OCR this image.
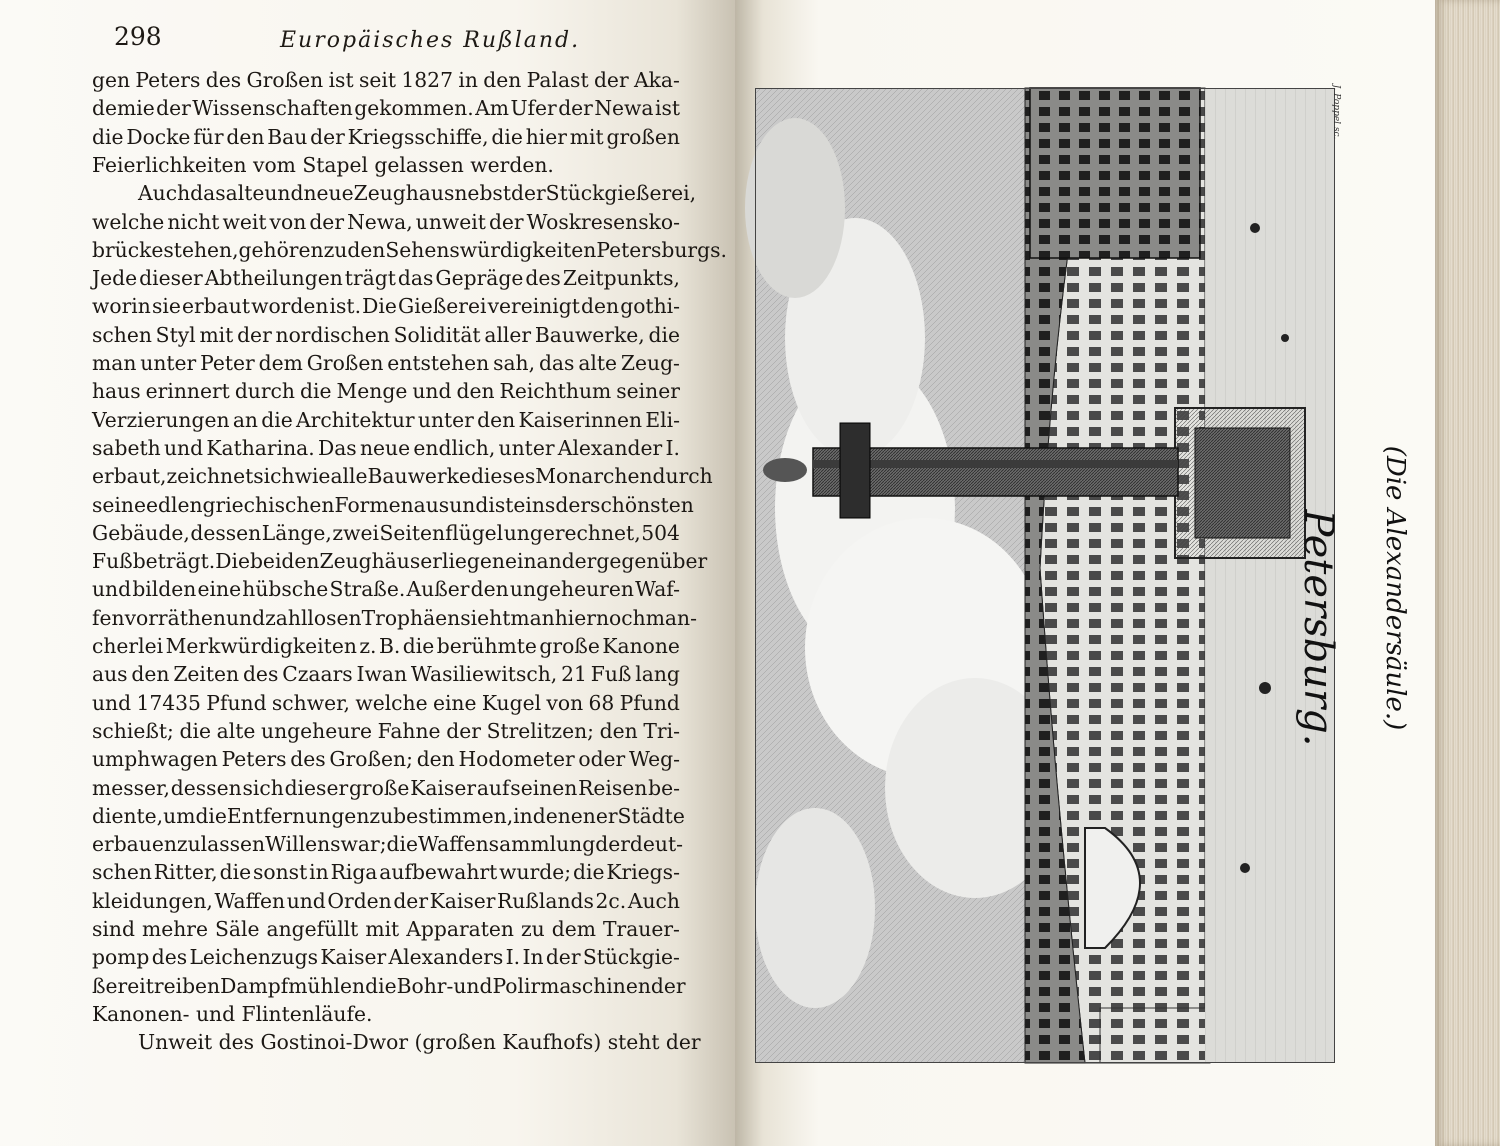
298	Europäisches Rußland.
gen Peters des Großen ist seit 1827 in den Palast der Aka-
demie der Wissenschaften gekommen. Am Ufer der Newa ist
die Docke für den Bau der Kriegsschiffe, die hier mit großen
Feierlichkeiten vom Stapel gelassen werden.
Auch das alte und neue Zeughaus nebst der Stückgießerei,
welche nicht weit von der Newa, unweit der Woskresensko-
brücke stehen, gehören zu den Sehenswürdigkeiten Petersburgs.
Jede dieser Abtheilungen trägt das Gepräge des Zeitpunkts,
worin sie erbaut worden ist. Die Gießerei vereinigt den gothi-
schen Styl mit der nordischen Solidität aller Bauwerke, die
man unter Peter dem Großen entstehen sah, das alte Zeug-
haus erinnert durch die Menge und den Reichthum seiner
Verzierungen an die Architektur unter den Kaiserinnen Eli-
sabeth und Katharina. Das neue endlich, unter Alexander I.
erbaut, zeichnet sich wie alle Bauwerke dieses Monarchen durch
seine edlen griechischen Formen aus und ist eins der schönsten
Gebäude, dessen Länge, zwei Seitenflügel ungerechnet, 504
Fuß beträgt. Die beiden Zeughäuser liegen einander gegenüber
und bilden eine hübsche Straße. Außer den ungeheuren Waf-
fenvorräthen und zahllosen Trophäen sieht man hier noch man-
cherlei Merkwürdigkeiten z. B. die berühmte große Kanone
aus den Zeiten des Czaars Iwan Wasiliewitsch, 21 Fuß lang
und 17435 Pfund schwer, welche eine Kugel von 68 Pfund
schießt; die alte ungeheure Fahne der Strelitzen; den Tri-
umphwagen Peters des Großen; den Hodometer oder Weg-
messer, dessen sich dieser große Kaiser auf seinen Reisen be-
diente, um die Entfernungen zu bestimmen, in denen er Städte
erbauen zu lassen Willens war; die Waffensammlung der deut-
schen Ritter, die sonst in Riga aufbewahrt wurde; die Kriegs-
kleidungen, Waffen und Orden der Kaiser Rußlands 2c. Auch
sind mehre Säle angefüllt mit Apparaten zu dem Trauer-
pomp des Leichenzugs Kaiser Alexanders I. In der Stückgie-
ßerei treiben Dampfmühlen die Bohr- und Polirmaschinen der
Kanonen- und Flintenläufe.
Unweit des Gostinoi-Dwor (großen Kaufhofs) steht der
Petersburg. (Die Alexandersäule.)
J. Poppel sc.
